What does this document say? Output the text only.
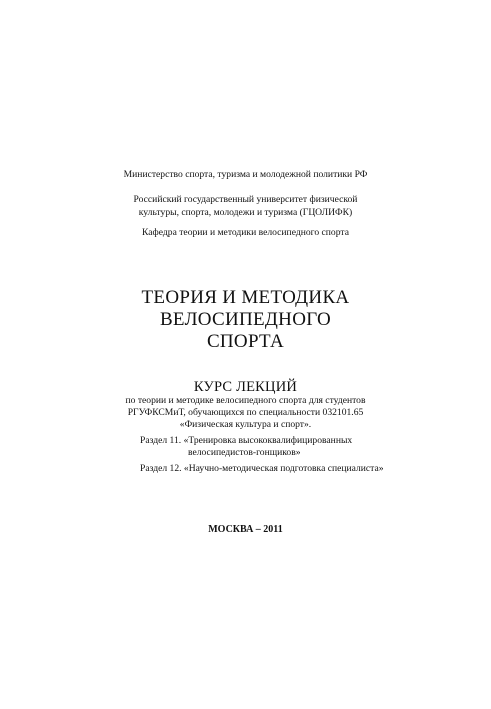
Министерство спорта, туризма и молодежной политики РФ
Российский государственный университет физической
культуры, спорта, молодежи и туризма (ГЦОЛИФК)
Кафедра теории и методики велосипедного спорта
ТЕОРИЯ И МЕТОДИКА
ВЕЛОСИПЕДНОГО
СПОРТА
КУРС ЛЕКЦИЙ
по теории и методике велосипедного спорта для студентов
РГУФКСМиТ, обучающихся по специальности 032101.65
«Физическая культура и спорт».
Раздел 11. «Тренировка высококвалифицированных
велосипедистов-гонщиков»
Раздел 12. «Научно-методическая подготовка специалиста»
МОСКВА – 2011
